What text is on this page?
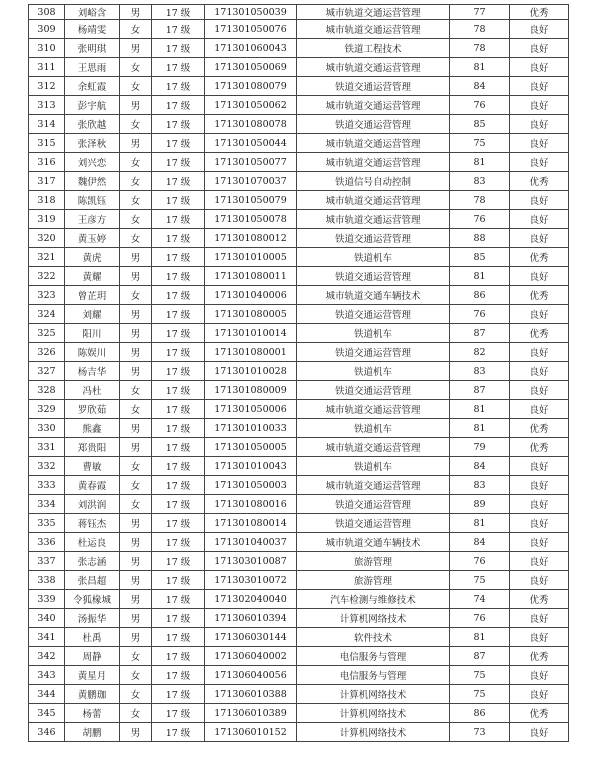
308	刘峪含	男	17 级	171301050039	城市轨道交通运营管理	77	优秀
309	杨靖雯	女	17 级	171301050076	城市轨道交通运营管理	78	良好
310	张明琪	男	17 级	171301060043	铁道工程技术	78	良好
311	王思雨	女	17 级	171301050069	城市轨道交通运营管理	81	良好
312	余虹霞	女	17 级	171301080079	铁道交通运营管理	84	良好
313	彭宇航	男	17 级	171301050062	城市轨道交通运营管理	76	良好
314	张欣越	女	17 级	171301080078	铁道交通运营管理	85	良好
315	张泽秋	男	17 级	171301050044	城市轨道交通运营管理	75	良好
316	刘兴恋	女	17 级	171301050077	城市轨道交通运营管理	81	良好
317	魏伊然	女	17 级	171301070037	铁道信号自动控制	83	优秀
318	陈凯钰	女	17 级	171301050079	城市轨道交通运营管理	78	良好
319	王彦方	女	17 级	171301050078	城市轨道交通运营管理	76	良好
320	黄玉婷	女	17 级	171301080012	铁道交通运营管理	88	良好
321	黄虎	男	17 级	171301010005	铁道机车	85	优秀
322	黄耀	男	17 级	171301080011	铁道交通运营管理	81	良好
323	曾芷玥	女	17 级	171301040006	城市轨道交通车辆技术	86	优秀
324	刘耀	男	17 级	171301080005	铁道交通运营管理	76	良好
325	阳川	男	17 级	171301010014	铁道机车	87	优秀
326	陈娱川	男	17 级	171301080001	铁道交通运营管理	82	良好
327	杨吉华	男	17 级	171301010028	铁道机车	83	良好
328	冯杜	女	17 级	171301080009	铁道交通运营管理	87	良好
329	罗欣茹	女	17 级	171301050006	城市轨道交通运营管理	81	良好
330	熊鑫	男	17 级	171301010033	铁道机车	81	优秀
331	郑贵阳	男	17 级	171301050005	城市轨道交通运营管理	79	优秀
332	曹敏	女	17 级	171301010043	铁道机车	84	良好
333	黄春霞	女	17 级	171301050003	城市轨道交通运营管理	83	良好
334	刘洪润	女	17 级	171301080016	铁道交通运营管理	89	良好
335	蒋钰杰	男	17 级	171301080014	铁道交通运营管理	81	良好
336	杜运良	男	17 级	171301040037	城市轨道交通车辆技术	84	良好
337	张志涵	男	17 级	171303010087	旅游管理	76	良好
338	张昌超	男	17 级	171303010072	旅游管理	75	良好
339	令狐椽城	男	17 级	171302040040	汽车检测与维修技术	74	优秀
340	汤振华	男	17 级	171306010394	计算机网络技术	76	良好
341	杜禹	男	17 级	171306030144	软件技术	81	良好
342	周静	女	17 级	171306040002	电信服务与管理	87	优秀
343	黄星月	女	17 级	171306040056	电信服务与管理	75	良好
344	黄鹏珈	女	17 级	171306010388	计算机网络技术	75	良好
345	杨蕾	女	17 级	171306010389	计算机网络技术	86	优秀
346	胡鹏	男	17 级	171306010152	计算机网络技术	73	良好
